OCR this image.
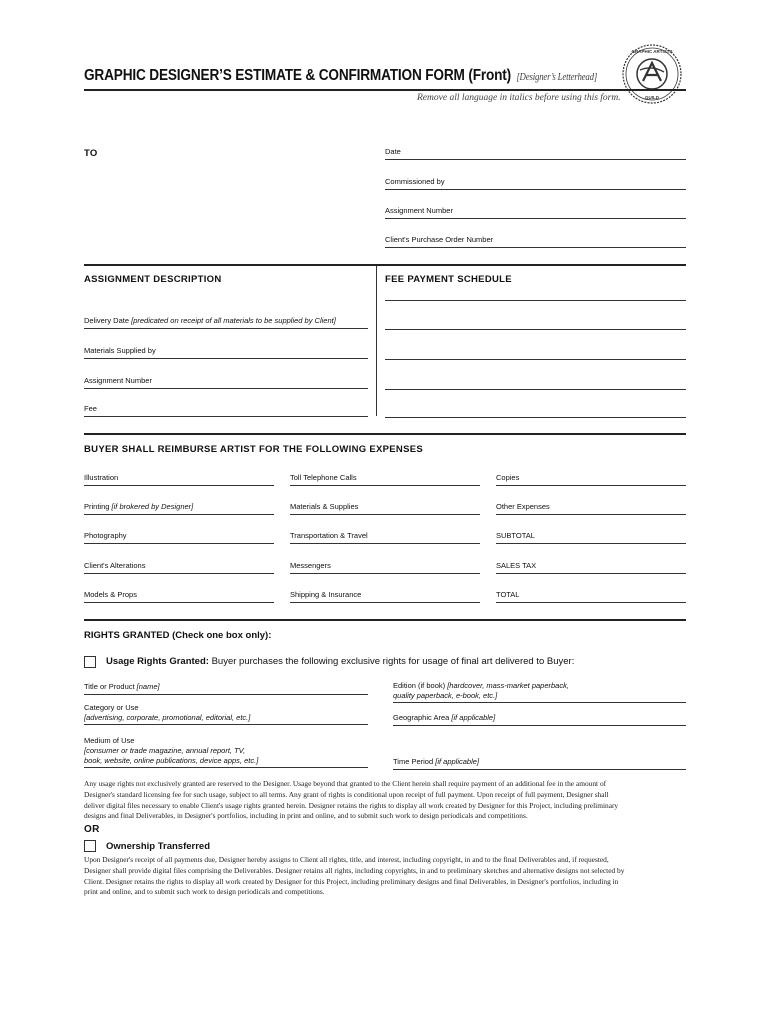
GRAPHIC DESIGNER’S ESTIMATE & CONFIRMATION FORM (Front) [Designer’s Letterhead]
GRAPHIC ARTISTS
GUILD
Remove all language in italics before using this form.
TO	Date
Commissioned by
Assignment Number
Client's Purchase Order Number
ASSIGNMENT DESCRIPTION	FEE PAYMENT SCHEDULE
Delivery Date [predicated on receipt of all materials to be supplied by Client]
Materials Supplied by
Assignment Number
Fee
BUYER SHALL REIMBURSE ARTIST FOR THE FOLLOWING EXPENSES
Illustration
Printing [if brokered by Designer]
Photography
Client's Alterations
Models & Props
Toll Telephone Calls
Materials & Supplies
Transportation & Travel
Messengers
Shipping & Insurance
Copies
Other Expenses
SUBTOTAL
SALES TAX
TOTAL
RIGHTS GRANTED (Check one box only):
Usage Rights Granted: Buyer purchases the following exclusive rights for usage of final art delivered to Buyer:
Title or Product [name]
Category or Use
[advertising, corporate, promotional, editorial, etc.]
Medium of Use
[consumer or trade magazine, annual report, TV,
book, website, online publications, device apps, etc.]
Edition (if book) [hardcover, mass-market paperback,
quality paperback, e-book, etc.]
Geographic Area [if applicable]
Time Period [if applicable]
Any usage rights not exclusively granted are reserved to the Designer. Usage beyond that granted to the Client herein shall require payment of an additional fee in the amount of
Designer's standard licensing fee for such usage, subject to all terms. Any grant of rights is conditional upon receipt of full payment. Upon receipt of full payment, Designer shall
deliver digital files necessary to enable Client's usage rights granted herein. Designer retains the rights to display all work created by Designer for this Project, including preliminary
designs and final Deliverables, in Designer's portfolios, including in print and online, and to submit such work to design periodicals and competitions.
OR
Ownership Transferred
Upon Designer's receipt of all payments due, Designer hereby assigns to Client all rights, title, and interest, including copyright, in and to the final Deliverables and, if requested,
Designer shall provide digital files comprising the Deliverables. Designer retains all rights, including copyrights, in and to preliminary sketches and alternative designs not selected by
Client. Designer retains the rights to display all work created by Designer for this Project, including preliminary designs and final Deliverables, in Designer's portfolios, including in
print and online, and to submit such work to design periodicals and competitions.
